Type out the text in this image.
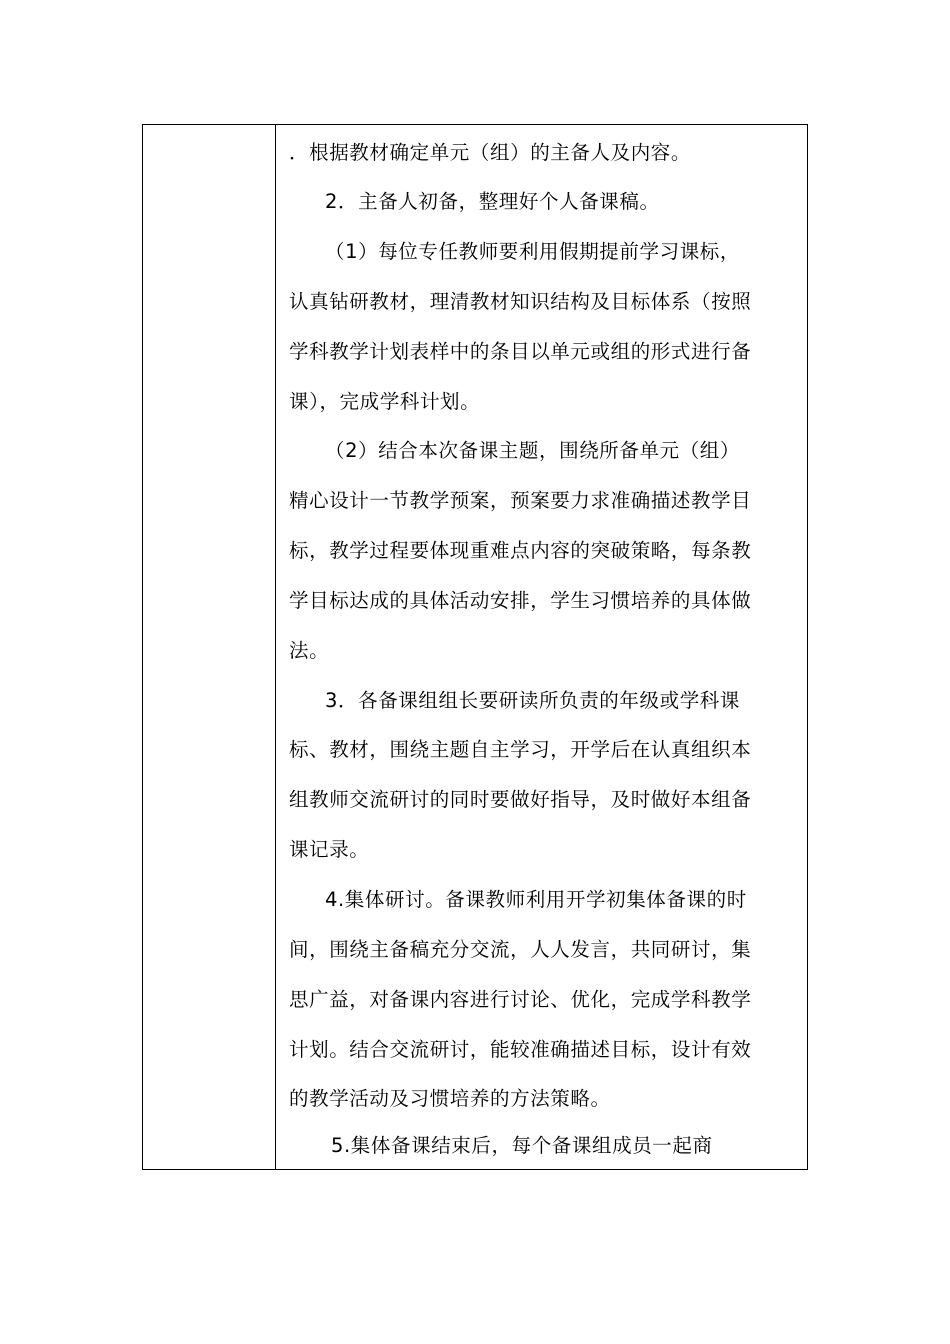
．根据教材确定单元（组）的主备人及内容。
2．主备人初备，整理好个人备课稿。
（1）每位专任教师要利用假期提前学习课标，
认真钻研教材，理清教材知识结构及目标体系（按照
学科教学计划表样中的条目以单元或组的形式进行备
课），完成学科计划。
（2）结合本次备课主题，围绕所备单元（组）
精心设计一节教学预案，预案要力求准确描述教学目
标，教学过程要体现重难点内容的突破策略，每条教
学目标达成的具体活动安排，学生习惯培养的具体做
法。
3．各备课组组长要研读所负责的年级或学科课
标、教材，围绕主题自主学习，开学后在认真组织本
组教师交流研讨的同时要做好指导，及时做好本组备
课记录。
4.集体研讨。备课教师利用开学初集体备课的时
间，围绕主备稿充分交流，人人发言，共同研讨，集
思广益，对备课内容进行讨论、优化，完成学科教学
计划。结合交流研讨，能较准确描述目标，设计有效
的教学活动及习惯培养的方法策略。
5.集体备课结束后，每个备课组成员一起商
